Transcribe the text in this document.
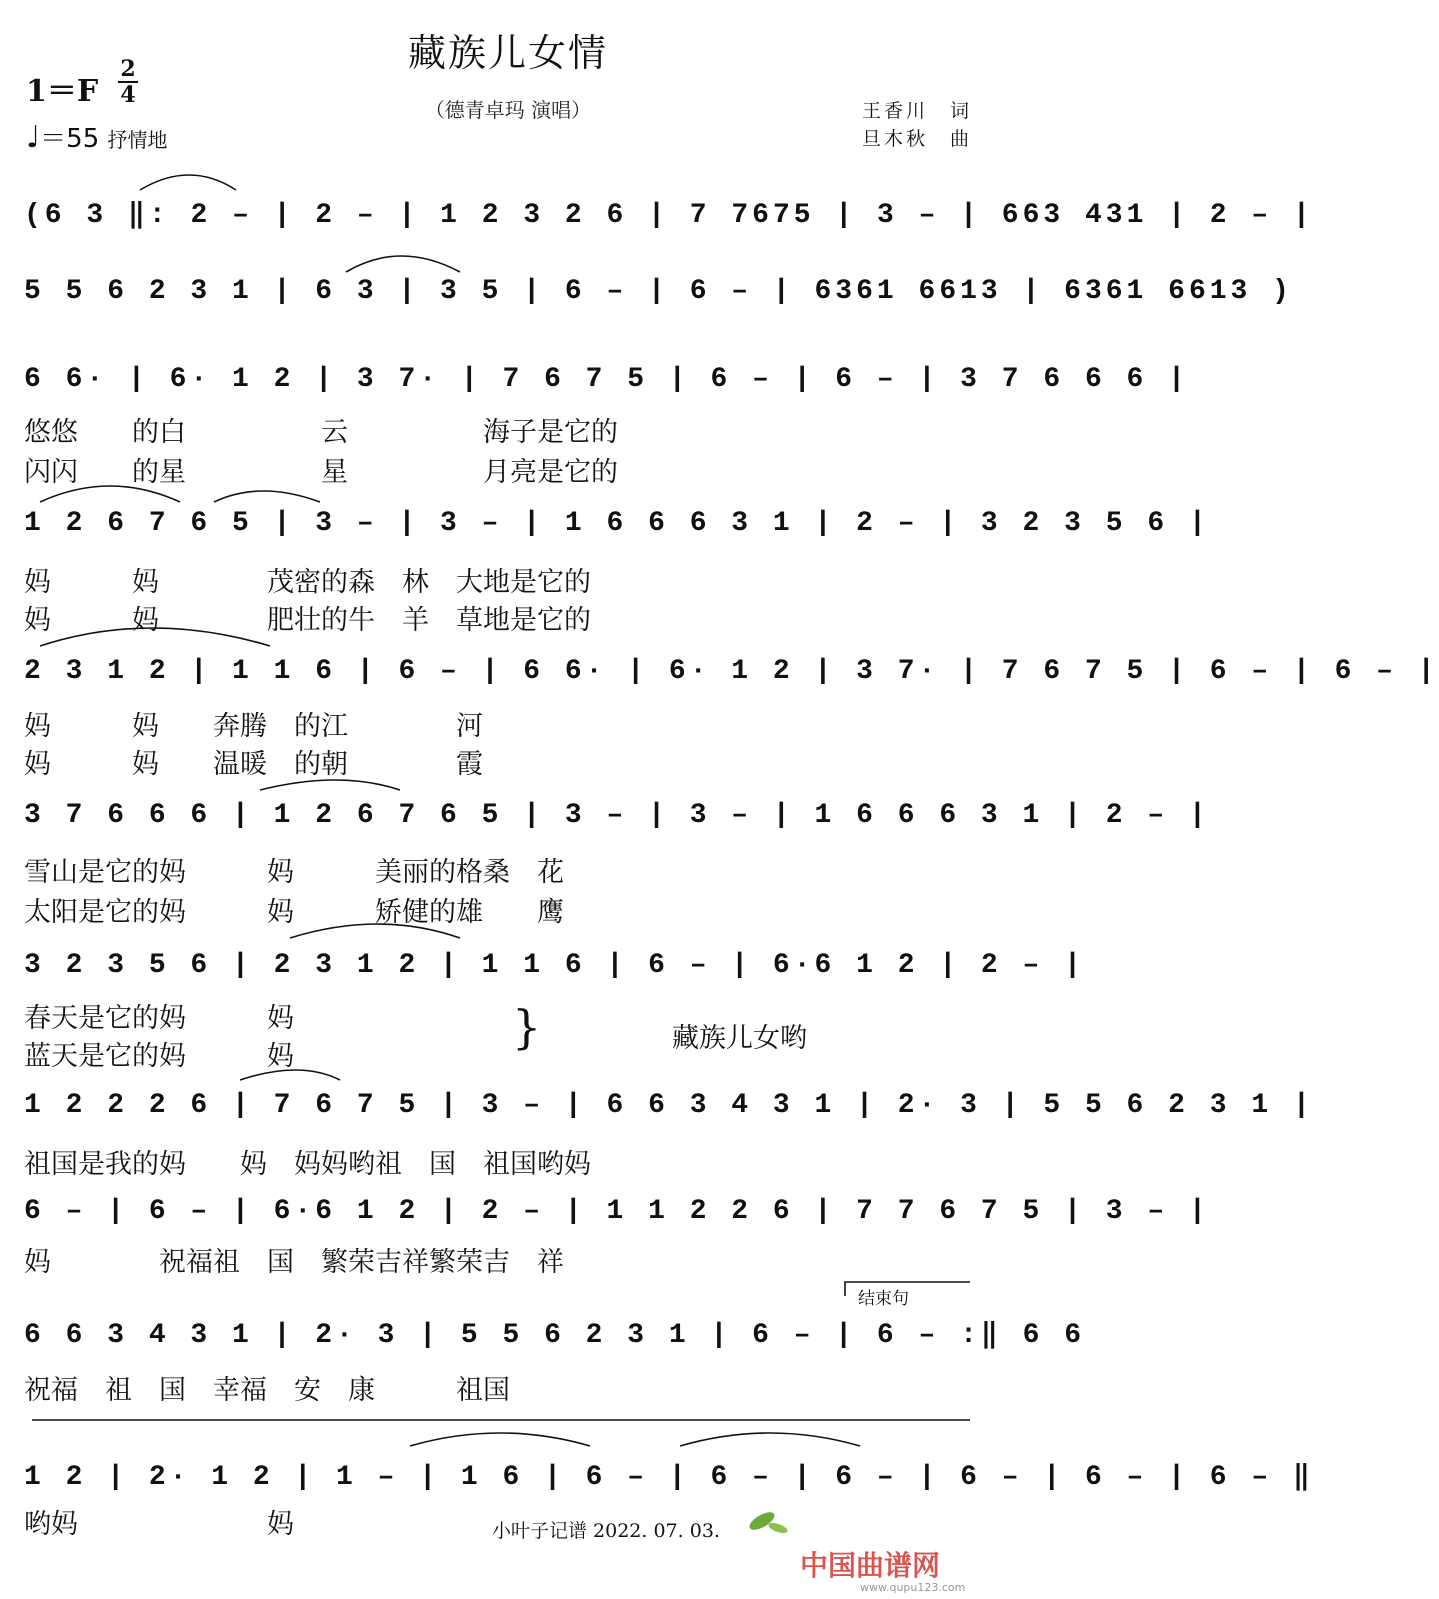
藏族儿女情
（德青卓玛 演唱）
1＝F
2
4
♩＝55 抒情地
王香川　词
旦木秋　曲
(6 3 ‖: 2 – | 2 – | 1 2 3 2 6 | 7 7675 | 3 – | 663 431 | 2 – |
5 5 6 2 3 1 | 6 3 | 3 5 | 6 – | 6 – | 6361 6613 | 6361 6613 )
6 6· | 6· 1 2 | 3 7· | 7 6 7 5 | 6 – | 6 – | 3 7 6 6 6 |
悠悠　　的白　　　　　云　　　　　海子是它的
闪闪　　的星　　　　　星　　　　　月亮是它的
1 2 6 7 6 5 | 3 – | 3 – | 1 6 6 6 3 1 | 2 – | 3 2 3 5 6 |
妈　　　妈　　　　茂密的森　林　大地是它的
妈　　　妈　　　　肥壮的牛　羊　草地是它的
2 3 1 2 | 1 1 6 | 6 – | 6 6· | 6· 1 2 | 3 7· | 7 6 7 5 | 6 – | 6 – |
妈　　　妈　　奔腾　的江　　　　河
妈　　　妈　　温暖　的朝　　　　霞
3 7 6 6 6 | 1 2 6 7 6 5 | 3 – | 3 – | 1 6 6 6 3 1 | 2 – |
雪山是它的妈　　　妈　　　美丽的格桑　花
太阳是它的妈　　　妈　　　矫健的雄　　鹰
3 2 3 5 6 | 2 3 1 2 | 1 1 6 | 6 – | 6·6 1 2 | 2 – |
春天是它的妈　　　妈
蓝天是它的妈　　　妈
}	藏族儿女哟
1 2 2 2 6 | 7 6 7 5 | 3 – | 6 6 3 4 3 1 | 2· 3 | 5 5 6 2 3 1 |
祖国是我的妈　　妈　妈妈哟祖　国　祖国哟妈
6 – | 6 – | 6·6 1 2 | 2 – | 1 1 2 2 6 | 7 7 6 7 5 | 3 – |
妈　　　　祝福祖　国　繁荣吉祥繁荣吉　祥
结束句
6 6 3 4 3 1 | 2· 3 | 5 5 6 2 3 1 | 6 – | 6 – :‖ 6 6
祝福　祖　国　幸福　安　康　　　祖国
1 2 | 2· 1 2 | 1 – | 1 6 | 6 – | 6 – | 6 – | 6 – | 6 – | 6 – ‖
哟妈　　　　　　　妈	小叶子记谱 2022. 07. 03.
中国曲谱网
www.qupu123.com
